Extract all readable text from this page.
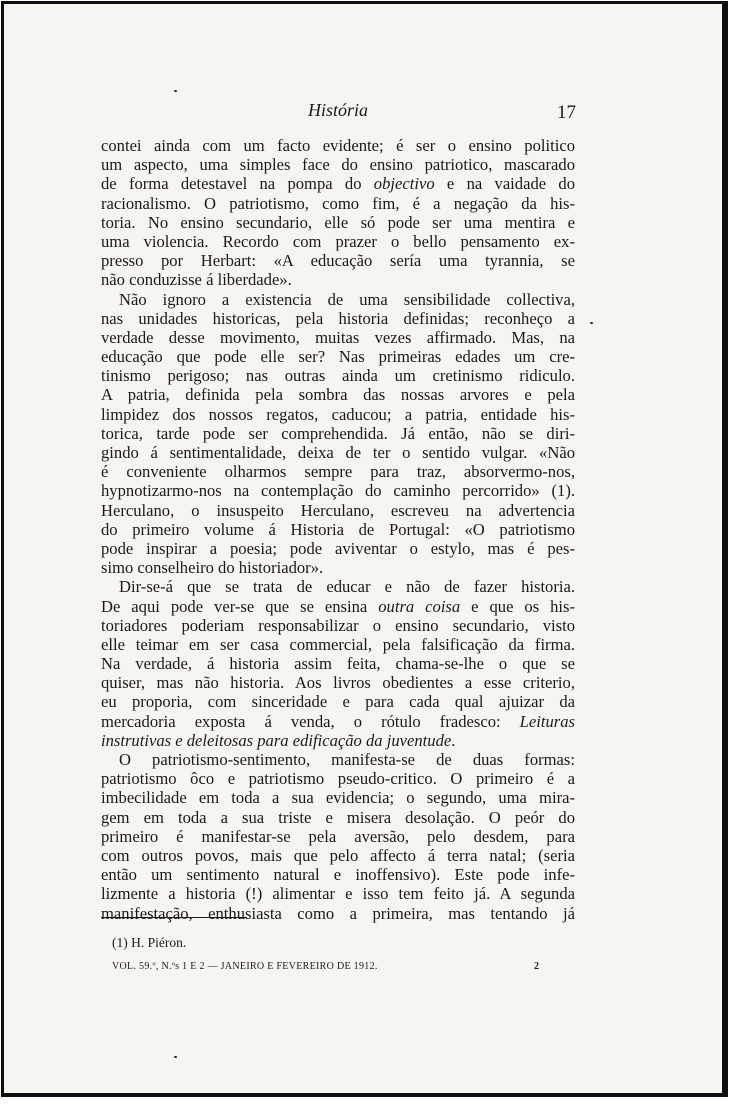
História	17
contei ainda com um facto evidente; é ser o ensino politico
um aspecto, uma simples face do ensino patriotico, mascarado
de forma detestavel na pompa do objectivo e na vaidade do
racionalismo. O patriotismo, como fim, é a negação da his-
toria. No ensino secundario, elle só pode ser uma mentira e
uma violencia. Recordo com prazer o bello pensamento ex-
presso por Herbart: «A educação sería uma tyrannia, se
não conduzisse á liberdade».
Não ignoro a existencia de uma sensibilidade collectiva,
nas unidades historicas, pela historia definidas; reconheço a
verdade desse movimento, muitas vezes affirmado. Mas, na
educação que pode elle ser? Nas primeiras edades um cre-
tinismo perigoso; nas outras ainda um cretinismo ridiculo.
A patria, definida pela sombra das nossas arvores e pela
limpidez dos nossos regatos, caducou; a patria, entidade his-
torica, tarde pode ser comprehendida. Já então, não se diri-
gindo á sentimentalidade, deixa de ter o sentido vulgar. «Não
é conveniente olharmos sempre para traz, absorvermo-nos,
hypnotizarmo-nos na contemplação do caminho percorrido» (1).
Herculano, o insuspeito Herculano, escreveu na advertencia
do primeiro volume á Historia de Portugal: «O patriotismo
pode inspirar a poesia; pode aviventar o estylo, mas é pes-
simo conselheiro do historiador».
Dir-se-á que se trata de educar e não de fazer historia.
De aqui pode ver-se que se ensina outra coisa e que os his-
toriadores poderiam responsabilizar o ensino secundario, visto
elle teimar em ser casa commercial, pela falsificação da firma.
Na verdade, á historia assim feita, chama-se-lhe o que se
quiser, mas não historia. Aos livros obedientes a esse criterio,
eu proporia, com sinceridade e para cada qual ajuizar da
mercadoria exposta á venda, o rótulo fradesco: Leituras
instrutivas e deleitosas para edificação da juventude.
O patriotismo-sentimento, manifesta-se de duas formas:
patriotismo ôco e patriotismo pseudo-critico. O primeiro é a
imbecilidade em toda a sua evidencia; o segundo, uma mira-
gem em toda a sua triste e misera desolação. O peór do
primeiro é manifestar-se pela aversão, pelo desdem, para
com outros povos, mais que pelo affecto á terra natal; (seria
então um sentimento natural e inoffensivo). Este pode infe-
lizmente a historia (!) alimentar e isso tem feito já. A segunda
manifestação, enthusiasta como a primeira, mas tentando já
(1) H. Piéron.
VOL. 59.º, N.ºs 1 E 2 — JANEIRO E FEVEREIRO DE 1912.	2
